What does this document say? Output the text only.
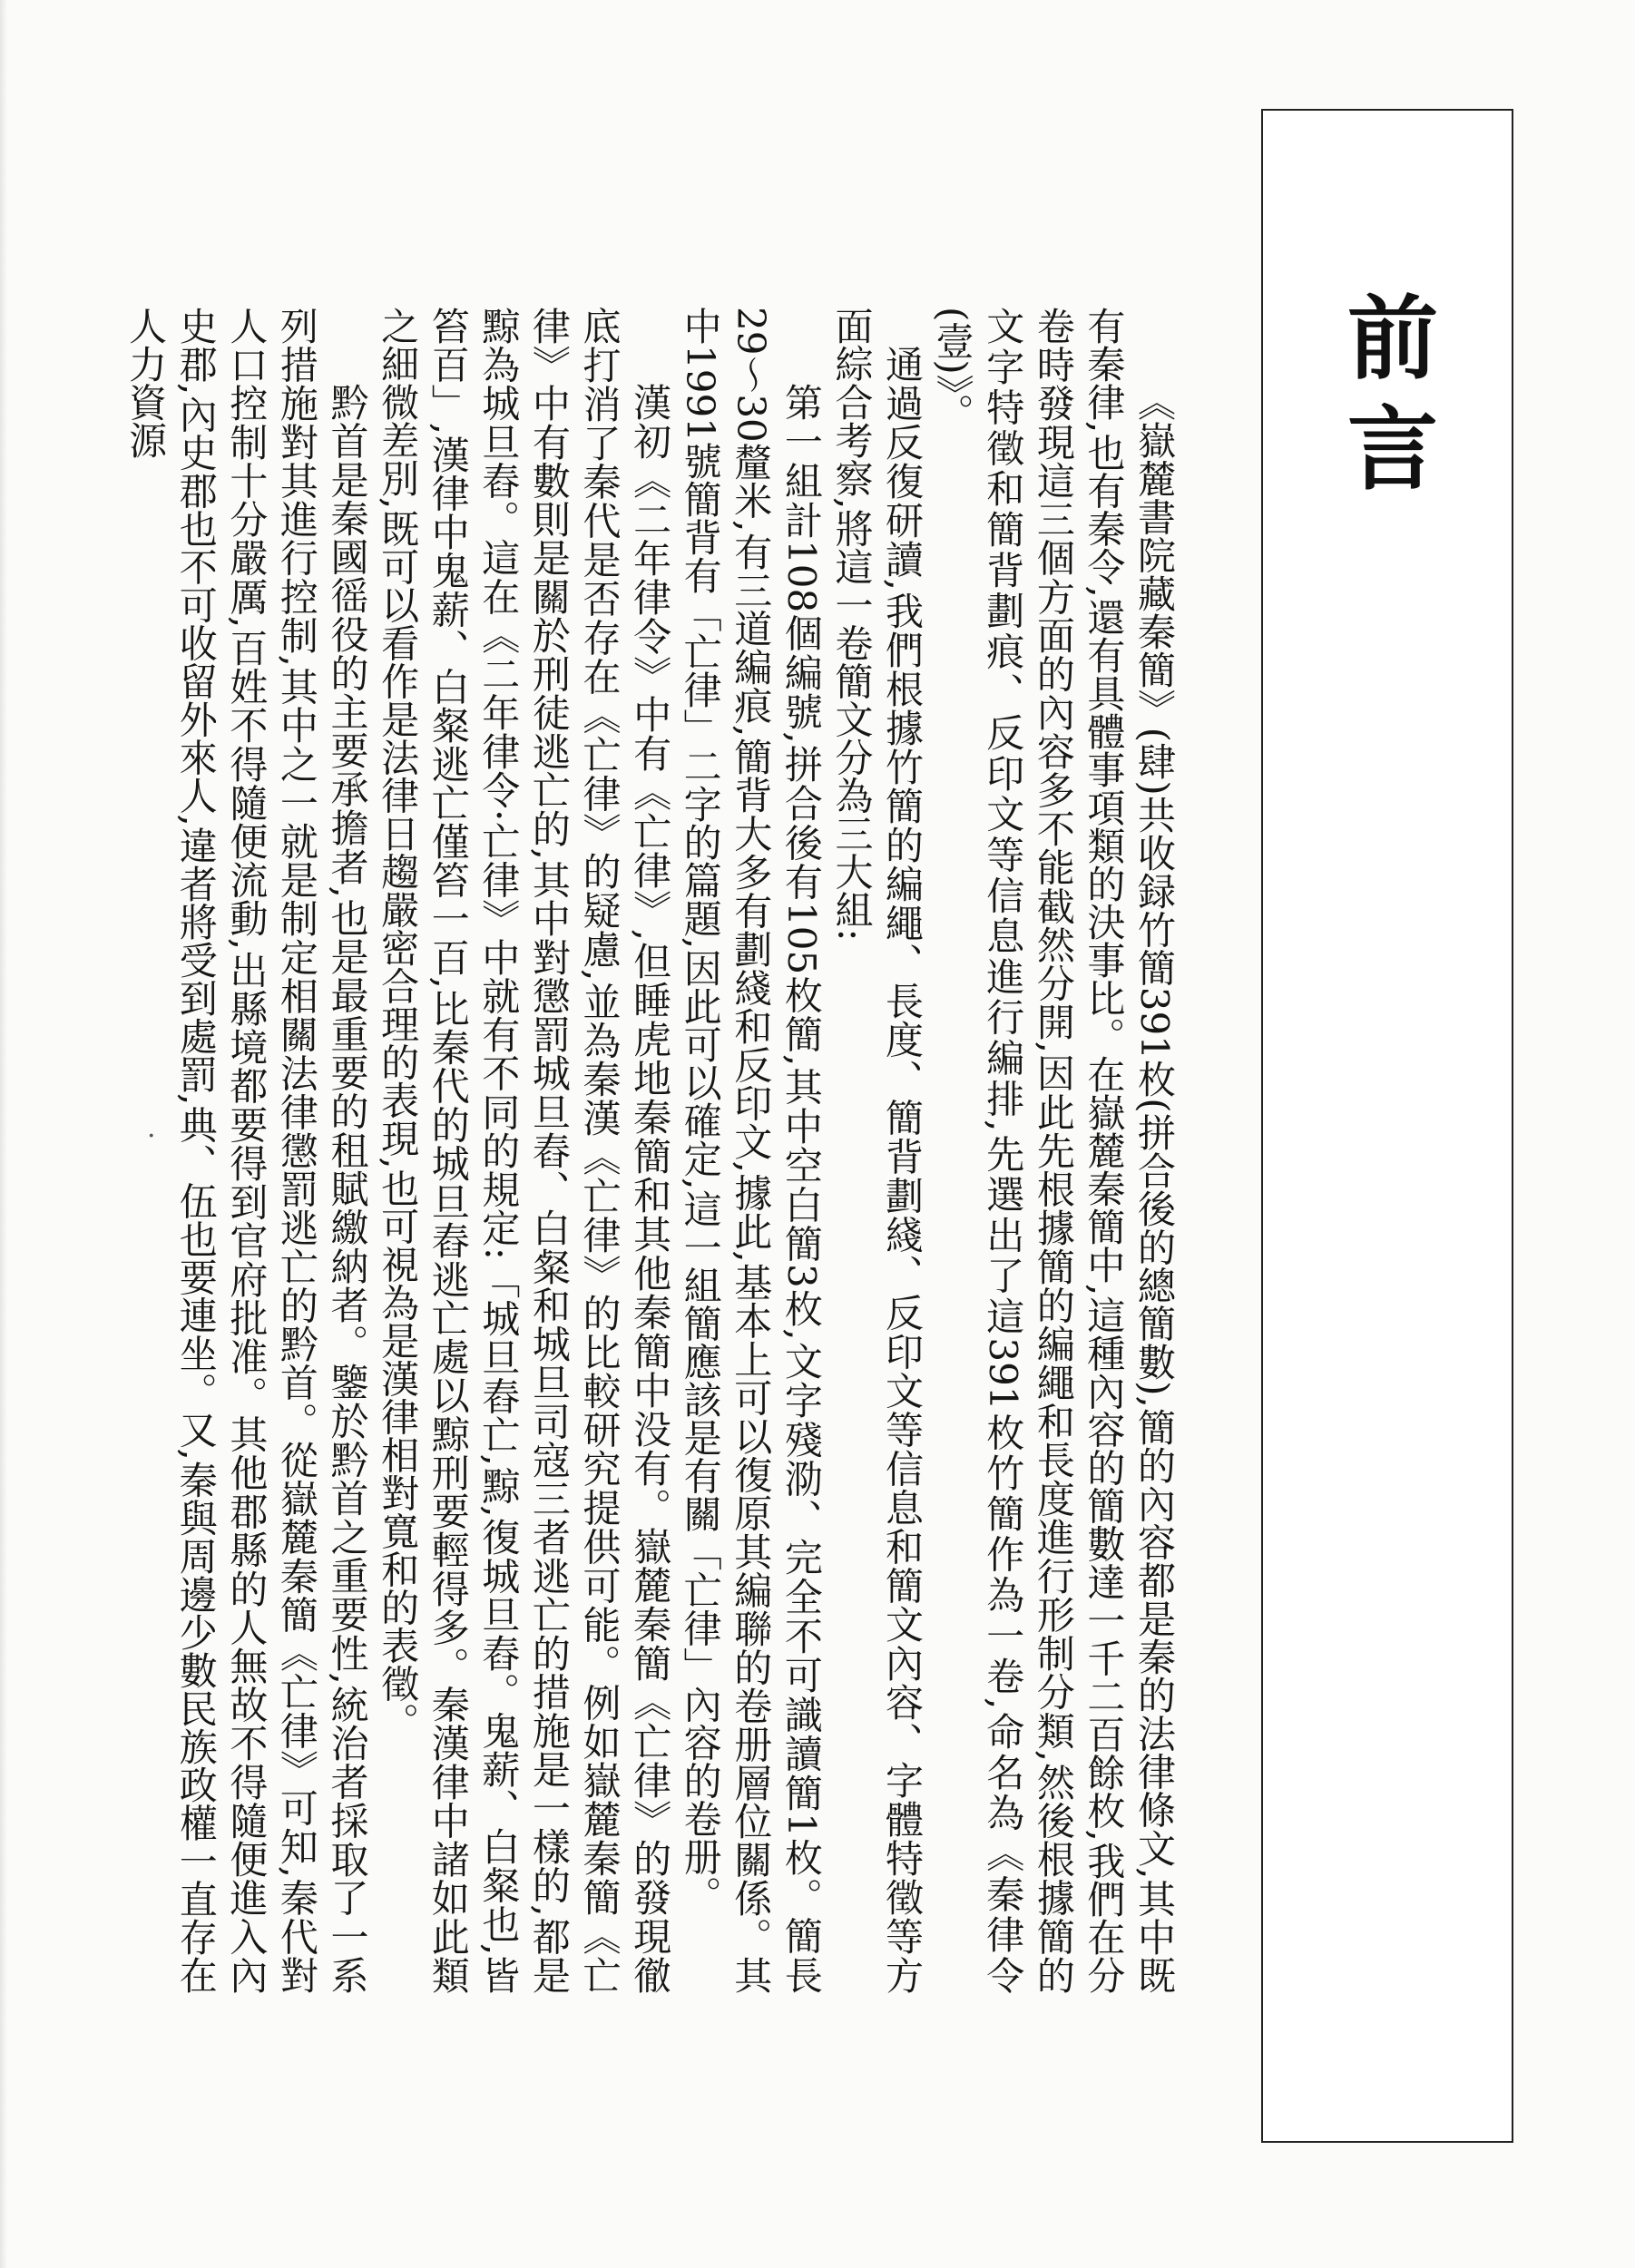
前言

《嶽麓書院藏秦簡》(肆)共收録竹簡391枚(拼合後的總簡數),簡的內容都是秦的法律條文,其中既有秦律,也有秦令,還有具體事項類的決事比。在嶽麓秦簡中,這種內容的簡數達一千二百餘枚,我們在分卷時發現這三個方面的內容多不能截然分開,因此先根據簡的編繩和長度進行形制分類,然後根據簡的文字特徵和簡背劃痕、反印文等信息進行編排,先選出了這391枚竹簡作為一卷,命名為《秦律令(壹)》。

通過反復研讀,我們根據竹簡的編繩、長度、簡背劃綫、反印文等信息和簡文內容、字體特徵等方面綜合考察,將這一卷簡文分為三大組:

第一組計108個編號,拼合後有105枚簡,其中空白簡3枚,文字殘泐、完全不可識讀簡1枚。簡長29～30釐米,有三道編痕,簡背大多有劃綫和反印文,據此,基本上可以復原其編聯的卷册層位關係。其中1991號簡背有「亡律」二字的篇題,因此可以確定,這一組簡應該是有關「亡律」內容的卷册。

漢初《二年律令》中有《亡律》,但睡虎地秦簡和其他秦簡中没有。嶽麓秦簡《亡律》的發現徹底打消了秦代是否存在《亡律》的疑慮,並為秦漢《亡律》的比較研究提供可能。例如嶽麓秦簡《亡律》中有數則是關於刑徒逃亡的,其中對懲罰城旦舂、白粲和城旦司寇三者逃亡的措施是一樣的,都是黥為城旦舂。這在《二年律令·亡律》中就有不同的規定:「城旦舂亡,黥,復城旦舂。鬼薪、白粲也,皆笞百」,漢律中鬼薪、白粲逃亡僅笞一百,比秦代的城旦舂逃亡處以黥刑要輕得多。秦漢律中諸如此類之細微差別,既可以看作是法律日趨嚴密合理的表現,也可視為是漢律相對寬和的表徵。

黔首是秦國徭役的主要承擔者,也是最重要的租賦繳納者。鑒於黔首之重要性,統治者採取了一系列措施對其進行控制,其中之一就是制定相關法律懲罰逃亡的黔首。從嶽麓秦簡《亡律》可知,秦代對人口控制十分嚴厲,百姓不得隨便流動,出縣境都要得到官府批准。其他郡縣的人無故不得隨便進入內史郡,內史郡也不可收留外來人,違者將受到處罰,典、伍也要連坐。又,秦與周邊少數民族政權一直存在人力資源

·
